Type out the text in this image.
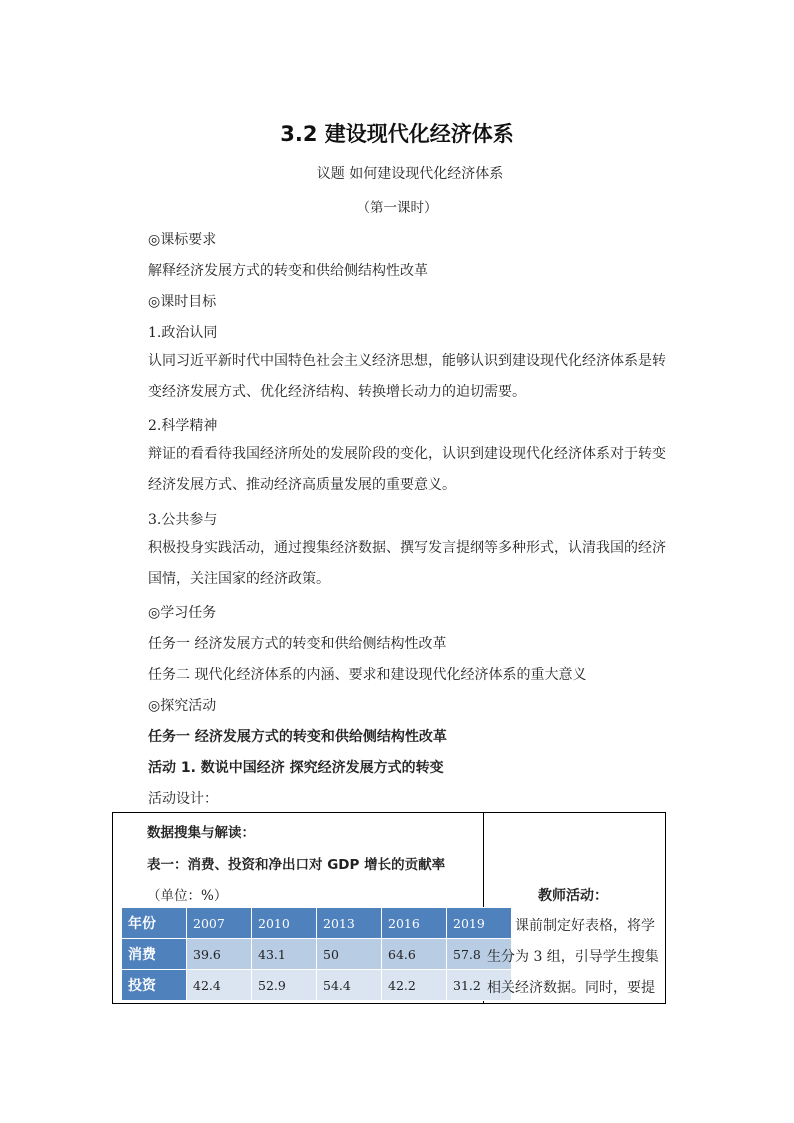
3.2 建设现代化经济体系
议题 如何建设现代化经济体系
（第一课时）
◎课标要求
解释经济发展方式的转变和供给侧结构性改革
◎课时目标
1.政治认同
认同习近平新时代中国特色社会主义经济思想，能够认识到建设现代化经济体系是转变经济发展方式、优化经济结构、转换增长动力的迫切需要。
2.科学精神
辩证的看看待我国经济所处的发展阶段的变化，认识到建设现代化经济体系对于转变经济发展方式、推动经济高质量发展的重要意义。
3.公共参与
积极投身实践活动，通过搜集经济数据、撰写发言提纲等多种形式，认清我国的经济国情，关注国家的经济政策。
◎学习任务
任务一 经济发展方式的转变和供给侧结构性改革
任务二 现代化经济体系的内涵、要求和建设现代化经济体系的重大意义
◎探究活动
任务一 经济发展方式的转变和供给侧结构性改革
活动 1. 数说中国经济 探究经济发展方式的转变
活动设计：
数据搜集与解读：
表一：消费、投资和净出口对 GDP 增长的贡献率
（单位：%）
年份	2007	2010	2013	2016	2019
消费	39.6	43.1	50	64.6	57.8
投资	42.4	52.9	54.4	42.2	31.2
教师活动：
课前制定好表格，将学生分为 3 组，引导学生搜集相关经济数据。同时，要提
